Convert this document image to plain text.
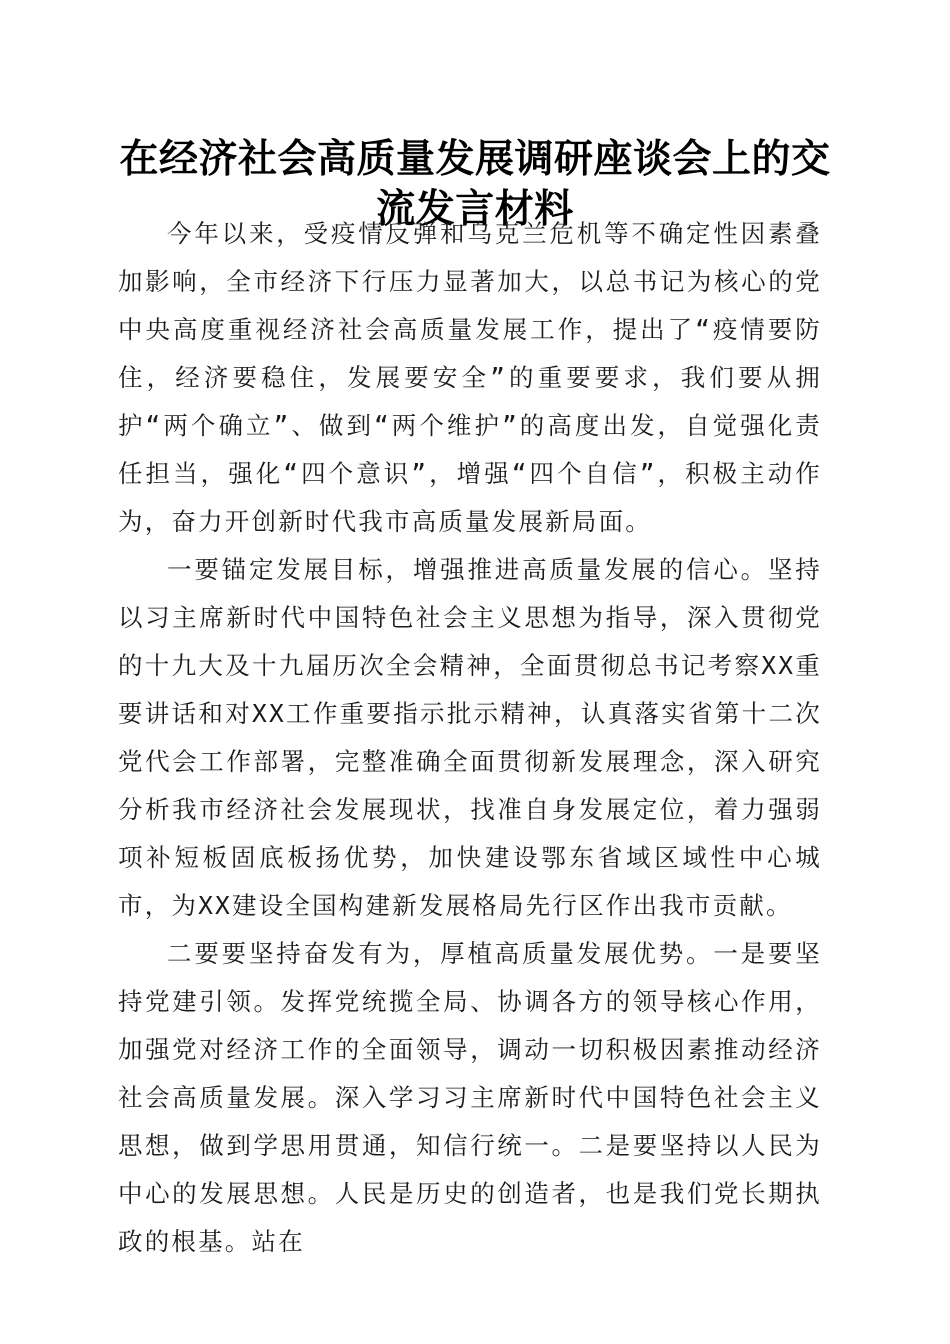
在经济社会高质量发展调研座谈会上的交流发言材料

今年以来，受疫情反弹和乌克兰危机等不确定性因素叠加影响，全市经济下行压力显著加大，以总书记为核心的党中央高度重视经济社会高质量发展工作，提出了“疫情要防住，经济要稳住，发展要安全”的重要要求，我们要从拥护“两个确立”、做到“两个维护”的高度出发，自觉强化责任担当，强化“四个意识”，增强“四个自信”，积极主动作为，奋力开创新时代我市高质量发展新局面。

一要锚定发展目标，增强推进高质量发展的信心。坚持以习主席新时代中国特色社会主义思想为指导，深入贯彻党的十九大及十九届历次全会精神，全面贯彻总书记考察XX重要讲话和对XX工作重要指示批示精神，认真落实省第十二次党代会工作部署，完整准确全面贯彻新发展理念，深入研究分析我市经济社会发展现状，找准自身发展定位，着力强弱项补短板固底板扬优势，加快建设鄂东省域区域性中心城市，为XX建设全国构建新发展格局先行区作出我市贡献。

二要要坚持奋发有为，厚植高质量发展优势。一是要坚持党建引领。发挥党统揽全局、协调各方的领导核心作用，加强党对经济工作的全面领导，调动一切积极因素推动经济社会高质量发展。深入学习习主席新时代中国特色社会主义思想，做到学思用贯通，知信行统一。二是要坚持以人民为中心的发展思想。人民是历史的创造者，也是我们党长期执政的根基。站在
